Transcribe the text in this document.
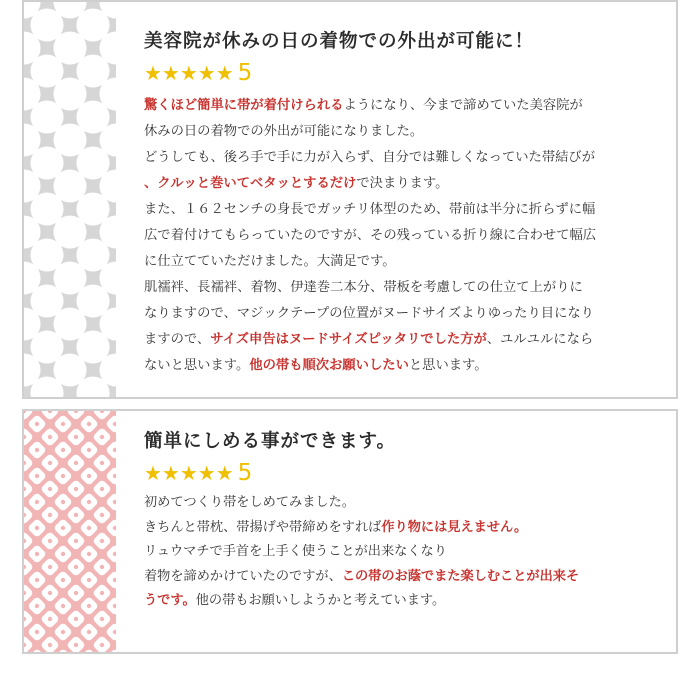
美容院が休みの日の着物での外出が可能に！
★★★★★ 5
驚くほど簡単に帯が着付けられるようになり、今まで諦めていた美容院が
休みの日の着物での外出が可能になりました。
どうしても、後ろ手で手に力が入らず、自分では難しくなっていた帯結びが
、クルッと巻いてベタッとするだけで決まります。
また、１６２センチの身長でガッチリ体型のため、帯前は半分に折らずに幅
広で着付けてもらっていたのですが、その残っている折り線に合わせて幅広
に仕立てていただけました。大満足です。
肌襦袢、長襦袢、着物、伊達巻二本分、帯板を考慮しての仕立て上がりに
なりますので、マジックテープの位置がヌードサイズよりゆったり目になり
ますので、サイズ申告はヌードサイズピッタリでした方が、ユルユルになら
ないと思います。他の帯も順次お願いしたいと思います。
簡単にしめる事ができます。
★★★★★ 5
初めてつくり帯をしめてみました。
きちんと帯枕、帯揚げや帯締めをすれば作り物には見えません。
リュウマチで手首を上手く使うことが出来なくなり
着物を諦めかけていたのですが、この帯のお蔭でまた楽しむことが出来そ
うです。他の帯もお願いしようかと考えています。
